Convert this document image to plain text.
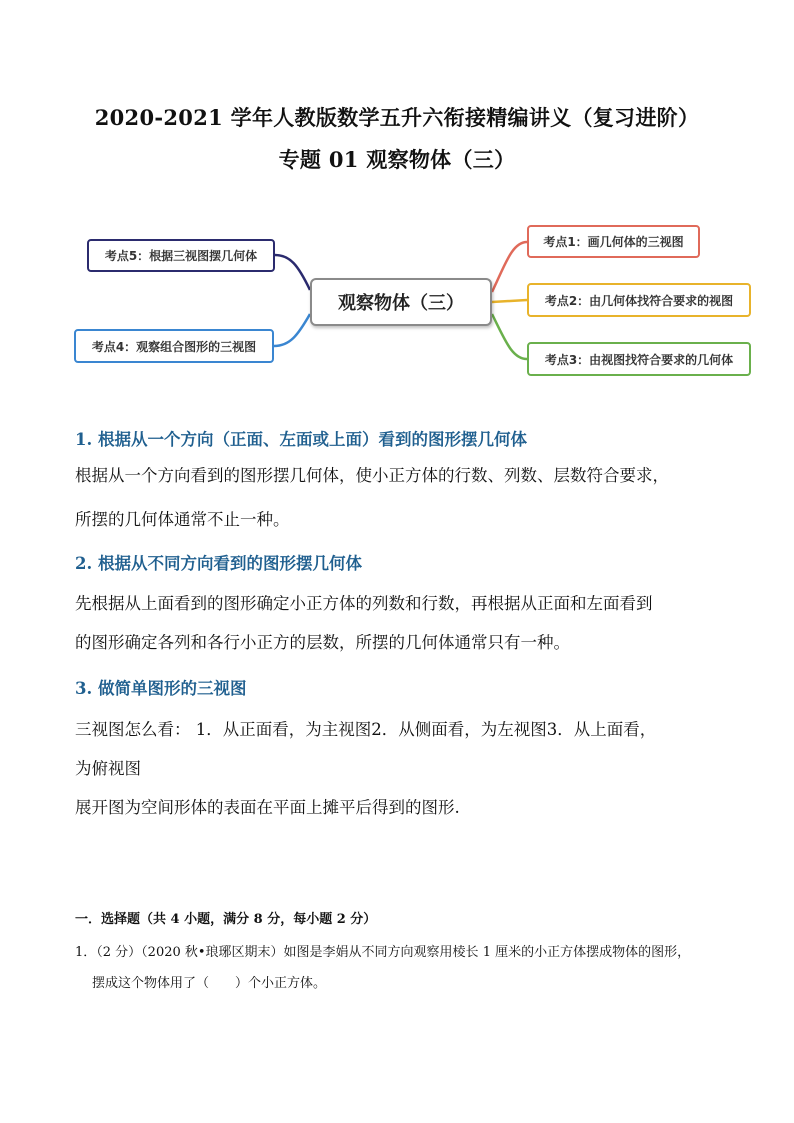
2020-2021 学年人教版数学五升六衔接精编讲义（复习进阶）
专题 01 观察物体（三）
观察物体（三）
考点1：画几何体的三视图
考点2：由几何体找符合要求的视图
考点3：由视图找符合要求的几何体
考点5：根据三视图摆几何体
考点4：观察组合图形的三视图
1. 根据从一个方向（正面、左面或上面）看到的图形摆几何体
根据从一个方向看到的图形摆几何体，使小正方体的行数、列数、层数符合要求，
所摆的几何体通常不止一种。
2. 根据从不同方向看到的图形摆几何体
先根据从上面看到的图形确定小正方体的列数和行数，再根据从正面和左面看到
的图形确定各列和各行小正方的层数，所摆的几何体通常只有一种。
3. 做简单图形的三视图
三视图怎么看： 1．从正面看，为主视图2．从侧面看，为左视图3．从上面看，
为俯视图
展开图为空间形体的表面在平面上摊平后得到的图形.
一．选择题（共 4 小题，满分 8 分，每小题 2 分）
1．（2 分）（2020 秋•琅琊区期末）如图是李娟从不同方向观察用棱长 1 厘米的小正方体摆成物体的图形，
摆成这个物体用了（　　）个小正方体。
